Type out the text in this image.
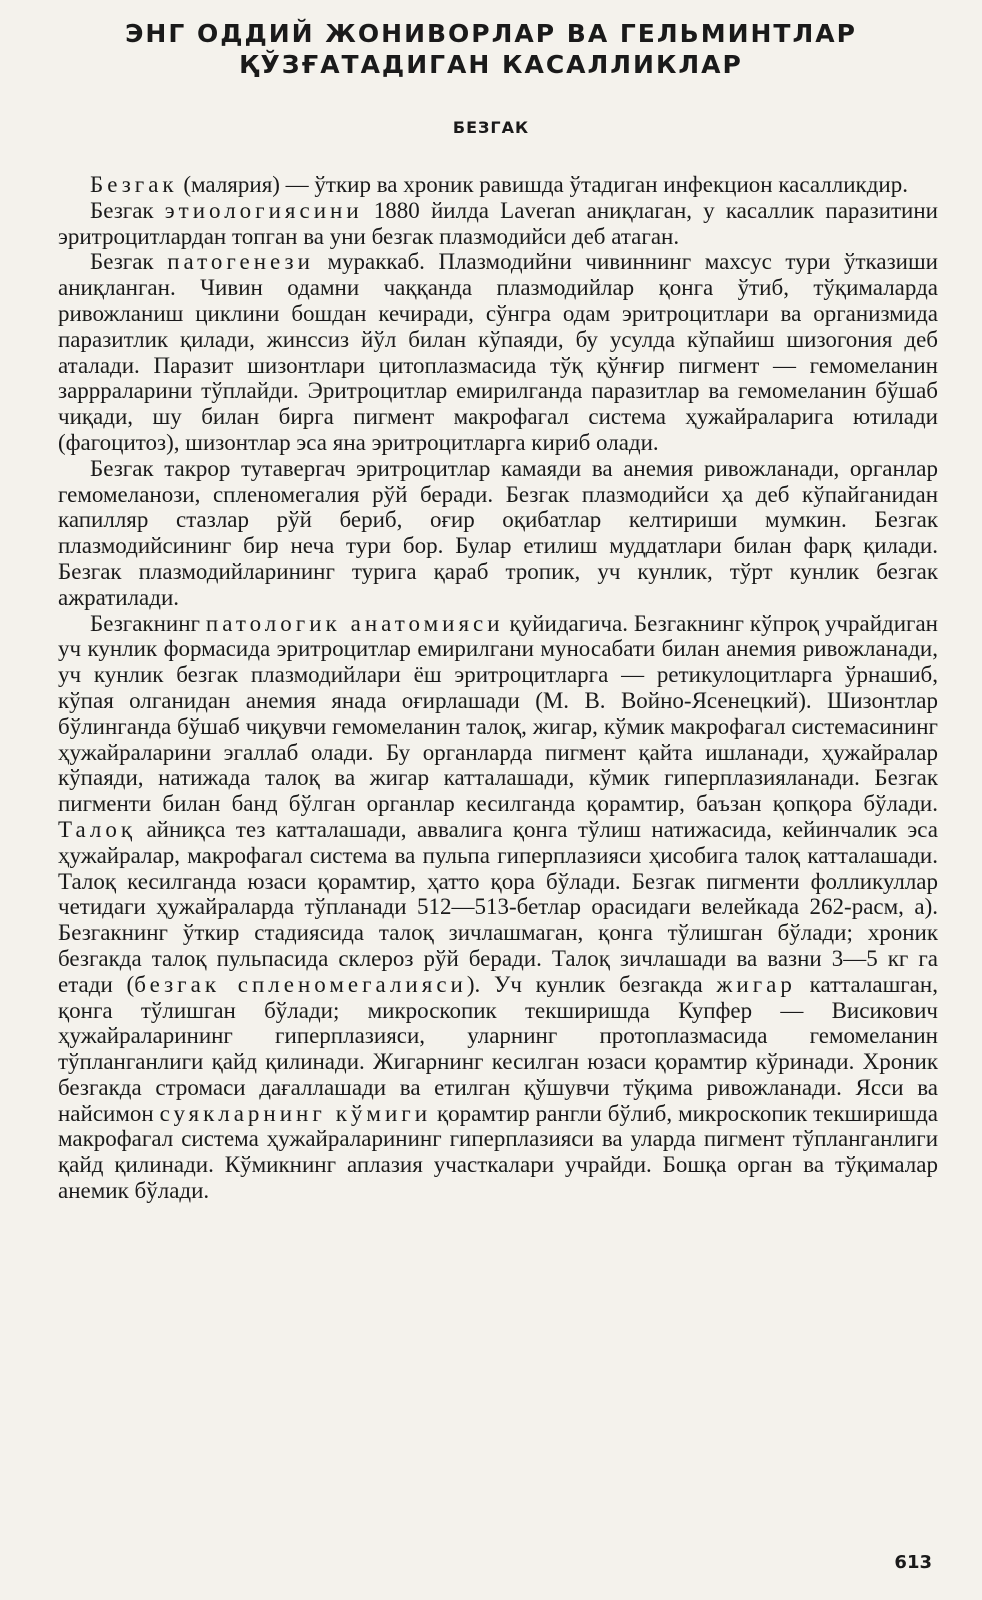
ЭНГ ОДДИЙ ЖОНИВОРЛАР ВА ГЕЛЬМИНТЛАР
ҚЎЗҒАТАДИГАН КАСАЛЛИКЛАР
БЕЗГАК

Безгак (малярия) — ўткир ва хроник равишда ўтадиган инфекцион касалликдир.

Безгак этиологиясини 1880 йилда Laveran аниқлаган, у касаллик паразитини эритроцитлардан топган ва уни безгак плазмодийси деб атаган.

Безгак патогенези мураккаб. Плазмодийни чивиннинг махсус тури ўтказиши аниқланган. Чивин одамни чаққанда плазмодийлар қонга ўтиб, тўқималарда ривожланиш циклини бошдан кечиради, сўнгра одам эритроцитлари ва организмида паразитлик қилади, жинссиз йўл билан кўпаяди, бу усулда кўпайиш шизогония деб аталади. Паразит шизонтлари цитоплазмасида тўқ қўнғир пигмент — гемомеланин заррраларини тўплайди. Эритроцитлар емирилганда паразитлар ва гемомеланин бўшаб чиқади, шу билан бирга пигмент макрофагал система ҳужайраларига ютилади (фагоцитоз), шизонтлар эса яна эритроцитларга кириб олади.

Безгак такрор тутавергач эритроцитлар камаяди ва анемия ривожланади, органлар гемомеланози, спленомегалия рўй беради. Безгак плазмодийси ҳа деб кўпайганидан капилляр стазлар рўй бериб, оғир оқибатлар келтириши мумкин. Безгак плазмодийсининг бир неча тури бор. Булар етилиш муддатлари билан фарқ қилади. Безгак плазмодийларининг турига қараб тропик, уч кунлик, тўрт кунлик безгак ажратилади.

Безгакнинг патологик анатомияси қуйидагича. Безгакнинг кўпроқ учрайдиган уч кунлик формасида эритроцитлар емирилгани муносабати билан анемия ривожланади, уч кунлик безгак плазмодийлари ёш эритроцитларга — ретикулоцитларга ўрнашиб, кўпая олганидан анемия янада оғирлашади (М. В. Войно-Ясенецкий). Шизонтлар бўлинганда бўшаб чиқувчи гемомеланин талоқ, жигар, кўмик макрофагал системасининг ҳужайраларини эгаллаб олади. Бу органларда пигмент қайта ишланади, ҳужайралар кўпаяди, натижада талоқ ва жигар катталашади, кўмик гиперплазияланади. Безгак пигменти билан банд бўлган органлар кесилганда қорамтир, баъзан қопқора бўлади. Талоқ айниқса тез катталашади, аввалига қонга тўлиш натижасида, кейинчалик эса ҳужайралар, макрофагал система ва пульпа гиперплазияси ҳисобига талоқ катталашади. Талоқ кесилганда юзаси қорамтир, ҳатто қора бўлади. Безгак пигменти фолликуллар четидаги ҳужайраларда тўпланади 512—513-бетлар орасидаги велейкада 262-расм, а). Безгакнинг ўткир стадиясида талоқ зичлашмаган, қонга тўлишган бўлади; хроник безгакда талоқ пульпасида склероз рўй беради. Талоқ зичлашади ва вазни 3—5 кг га етади (безгак спленомегалияси). Уч кунлик безгакда жигар катталашган, қонга тўлишган бўлади; микроскопик текширишда Купфер — Висикович ҳужайраларининг гиперплазияси, уларнинг протоплазмасида гемомеланин тўпланганлиги қайд қилинади. Жигарнинг кесилган юзаси қорамтир кўринади. Хроник безгакда стромаси дағаллашади ва етилган қўшувчи тўқима ривожланади. Ясси ва найсимон суякларнинг кўмиги қорамтир рангли бўлиб, микроскопик текширишда макрофагал система ҳужайраларининг гиперплазияси ва уларда пигмент тўпланганлиги қайд қилинади. Кўмикнинг аплазия участкалари учрайди. Бошқа орган ва тўқималар анемик бўлади.

613
